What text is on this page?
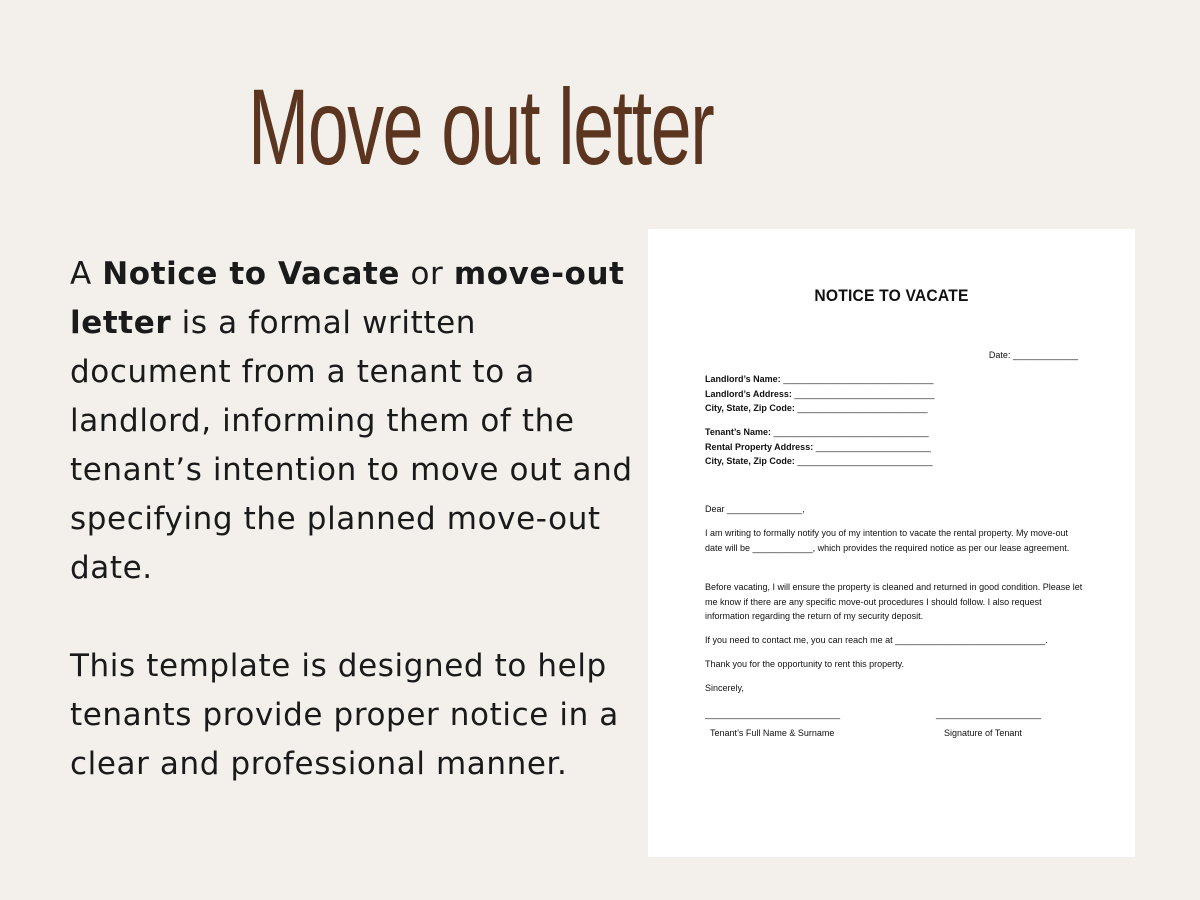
Move out letter

A Notice to Vacate or move-out letter is a formal written document from a tenant to a landlord, informing them of the tenant’s intention to move out and specifying the planned move-out date.

This template is designed to help tenants provide proper notice in a clear and professional manner.

NOTICE TO VACATE
Date: _____________
Landlord’s Name: ______________________________
Landlord’s Address: ____________________________
City, State, Zip Code: __________________________
Tenant’s Name: _______________________________
Rental Property Address: _______________________
City, State, Zip Code: ___________________________
Dear _______________,
I am writing to formally notify you of my intention to vacate the rental property. My move-out date will be ____________, which provides the required notice as per our lease agreement.
Before vacating, I will ensure the property is cleaned and returned in good condition. Please let me know if there are any specific move-out procedures I should follow. I also request information regarding the return of my security deposit.
If you need to contact me, you can reach me at ______________________________.
Thank you for the opportunity to rent this property.
Sincerely,
___________________________	_____________________
Tenant’s Full Name & Surname	Signature of Tenant
